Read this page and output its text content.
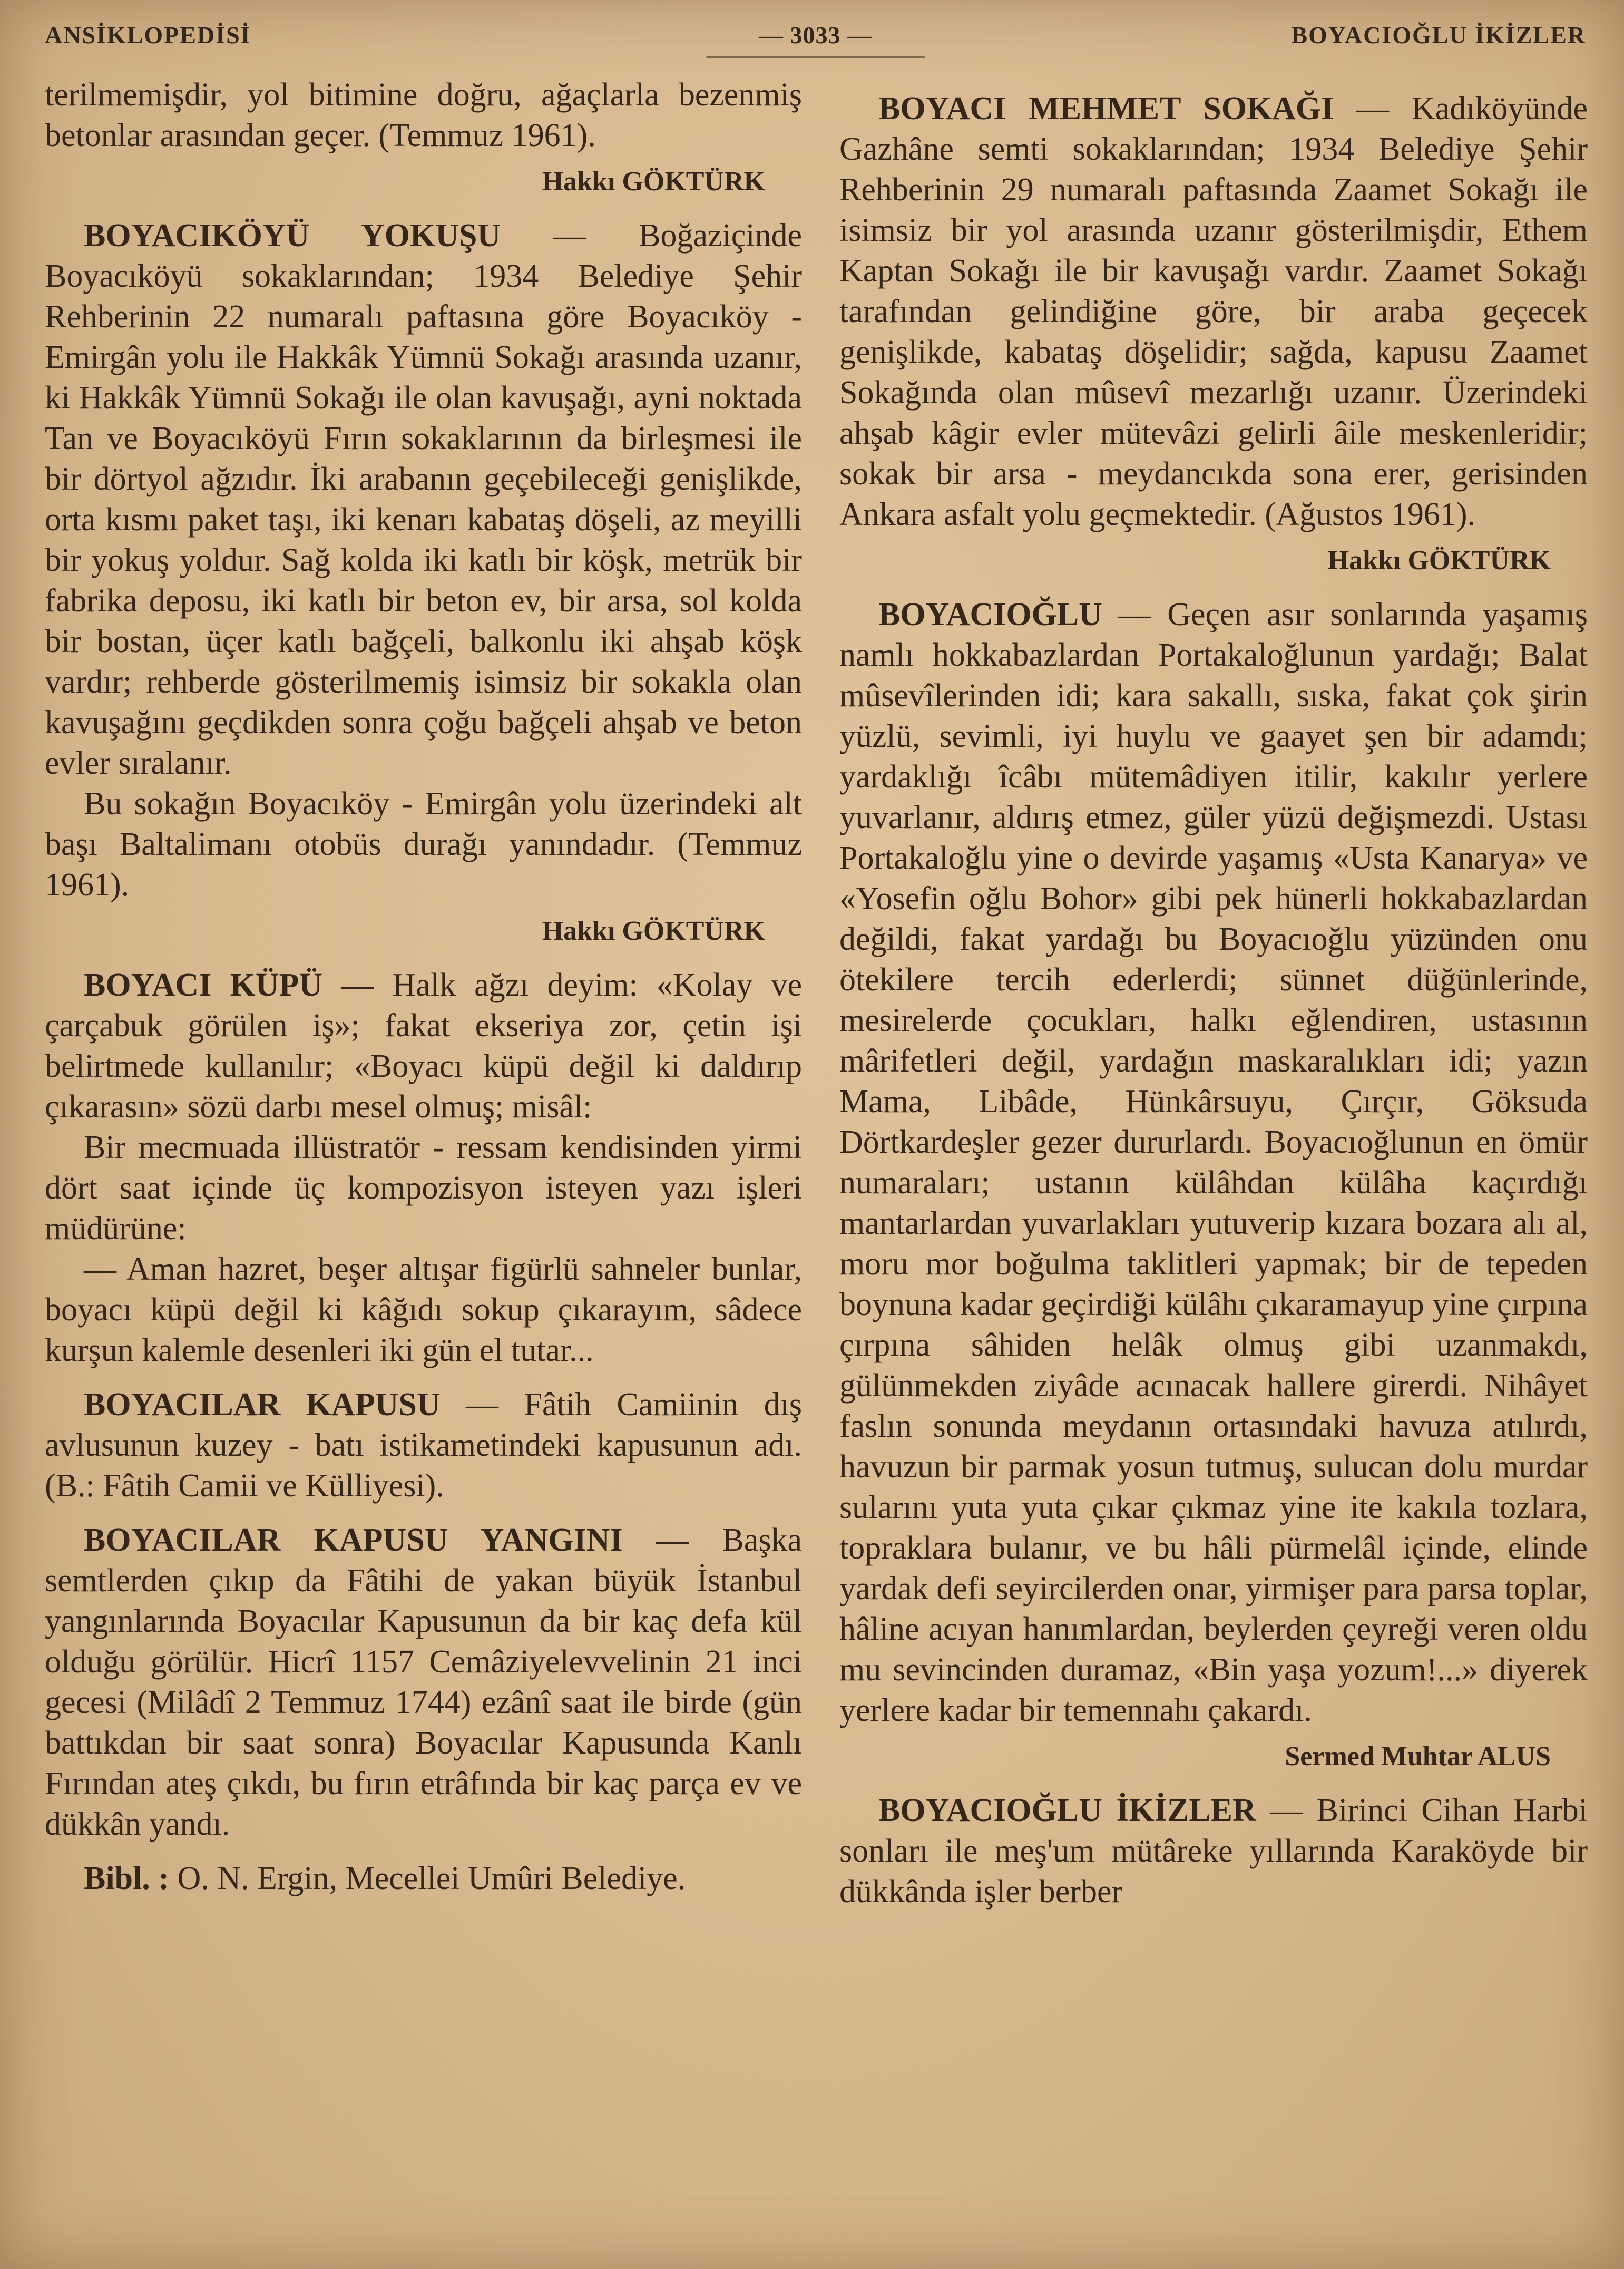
ANSİKLOPEDİSİ	— 3033 —	BOYACIOĞLU İKİZLER

terilmemişdir, yol bitimine doğru, ağaçlarla bezenmiş betonlar arasından geçer. (Temmuz 1961).

Hakkı GÖKTÜRK

BOYACIKÖYÜ YOKUŞU — Boğaziçinde Boyacıköyü sokaklarından; 1934 Belediye Şehir Rehberinin 22 numaralı paftasına göre Boyacıköy - Emirgân yolu ile Hakkâk Yümnü Sokağı arasında uzanır, ki Hakkâk Yümnü Sokağı ile olan kavuşağı, ayni noktada Tan ve Boyacıköyü Fırın sokaklarının da birleşmesi ile bir dörtyol ağzıdır. İki arabanın geçebileceği genişlikde, orta kısmı paket taşı, iki kenarı kabataş döşeli, az meyilli bir yokuş yoldur. Sağ kolda iki katlı bir köşk, metrük bir fabrika deposu, iki katlı bir beton ev, bir arsa, sol kolda bir bostan, üçer katlı bağçeli, balkonlu iki ahşab köşk vardır; rehberde gösterilmemiş isimsiz bir sokakla olan kavuşağını geçdikden sonra çoğu bağçeli ahşab ve beton evler sıralanır.

Bu sokağın Boyacıköy - Emirgân yolu üzerindeki alt başı Baltalimanı otobüs durağı yanındadır. (Temmuz 1961).

Hakkı GÖKTÜRK

BOYACI KÜPÜ — Halk ağzı deyim: «Kolay ve çarçabuk görülen iş»; fakat ekseriya zor, çetin işi belirtmede kullanılır; «Boyacı küpü değil ki daldırıp çıkarasın» sözü darbı mesel olmuş; misâl:

Bir mecmuada illüstratör - ressam kendisinden yirmi dört saat içinde üç kompozisyon isteyen yazı işleri müdürüne:

— Aman hazret, beşer altışar figürlü sahneler bunlar, boyacı küpü değil ki kâğıdı sokup çıkarayım, sâdece kurşun kalemle desenleri iki gün el tutar...

BOYACILAR KAPUSU — Fâtih Camiinin dış avlusunun kuzey - batı istikametindeki kapusunun adı. (B.: Fâtih Camii ve Külliyesi).

BOYACILAR KAPUSU YANGINI — Başka semtlerden çıkıp da Fâtihi de yakan büyük İstanbul yangınlarında Boyacılar Kapusunun da bir kaç defa kül olduğu görülür. Hicrî 1157 Cemâziyelevvelinin 21 inci gecesi (Milâdî 2 Temmuz 1744) ezânî saat ile birde (gün battıkdan bir saat sonra) Boyacılar Kapusunda Kanlı Fırından ateş çıkdı, bu fırın etrâfında bir kaç parça ev ve dükkân yandı.

Bibl. : O. N. Ergin, Mecellei Umûri Belediye.

BOYACI MEHMET SOKAĞI — Kadıköyünde Gazhâne semti sokaklarından; 1934 Belediye Şehir Rehberinin 29 numaralı paftasında Zaamet Sokağı ile isimsiz bir yol arasında uzanır gösterilmişdir, Ethem Kaptan Sokağı ile bir kavuşağı vardır. Zaamet Sokağı tarafından gelindiğine göre, bir araba geçecek genişlikde, kabataş döşelidir; sağda, kapusu Zaamet Sokağında olan mûsevî mezarlığı uzanır. Üzerindeki ahşab kâgir evler mütevâzi gelirli âile meskenleridir; sokak bir arsa - meydancıkda sona erer, gerisinden Ankara asfalt yolu geçmektedir. (Ağustos 1961).

Hakkı GÖKTÜRK

BOYACIOĞLU — Geçen asır sonlarında yaşamış namlı hokkabazlardan Portakaloğlunun yardağı; Balat mûsevîlerinden idi; kara sakallı, sıska, fakat çok şirin yüzlü, sevimli, iyi huylu ve gaayet şen bir adamdı; yardaklığı îcâbı mütemâdiyen itilir, kakılır yerlere yuvarlanır, aldırış etmez, güler yüzü değişmezdi. Ustası Portakaloğlu yine o devirde yaşamış «Usta Kanarya» ve «Yosefin oğlu Bohor» gibi pek hünerli hokkabazlardan değildi, fakat yardağı bu Boyacıoğlu yüzünden onu ötekilere tercih ederlerdi; sünnet düğünlerinde, mesirelerde çocukları, halkı eğlendiren, ustasının mârifetleri değil, yardağın maskaralıkları idi; yazın Mama, Libâde, Hünkârsuyu, Çırçır, Göksuda Dörtkardeşler gezer dururlardı. Boyacıoğlunun en ömür numaraları; ustanın külâhdan külâha kaçırdığı mantarlardan yuvarlakları yutuverip kızara bozara alı al, moru mor boğulma taklitleri yapmak; bir de tepeden boynuna kadar geçirdiği külâhı çıkaramayup yine çırpına çırpına sâhiden helâk olmuş gibi uzanmakdı, gülünmekden ziyâde acınacak hallere girerdi. Nihâyet faslın sonunda meydanın ortasındaki havuza atılırdı, havuzun bir parmak yosun tutmuş, sulucan dolu murdar sularını yuta yuta çıkar çıkmaz yine ite kakıla tozlara, topraklara bulanır, ve bu hâli pürmelâl içinde, elinde yardak defi seyircilerden onar, yirmişer para parsa toplar, hâline acıyan hanımlardan, beylerden çeyreği veren oldu mu sevincinden duramaz, «Bin yaşa yozum!...» diyerek yerlere kadar bir temennahı çakardı.

Sermed Muhtar ALUS

BOYACIOĞLU İKİZLER — Birinci Cihan Harbi sonları ile meş'um mütâreke yıllarında Karaköyde bir dükkânda işler berber
